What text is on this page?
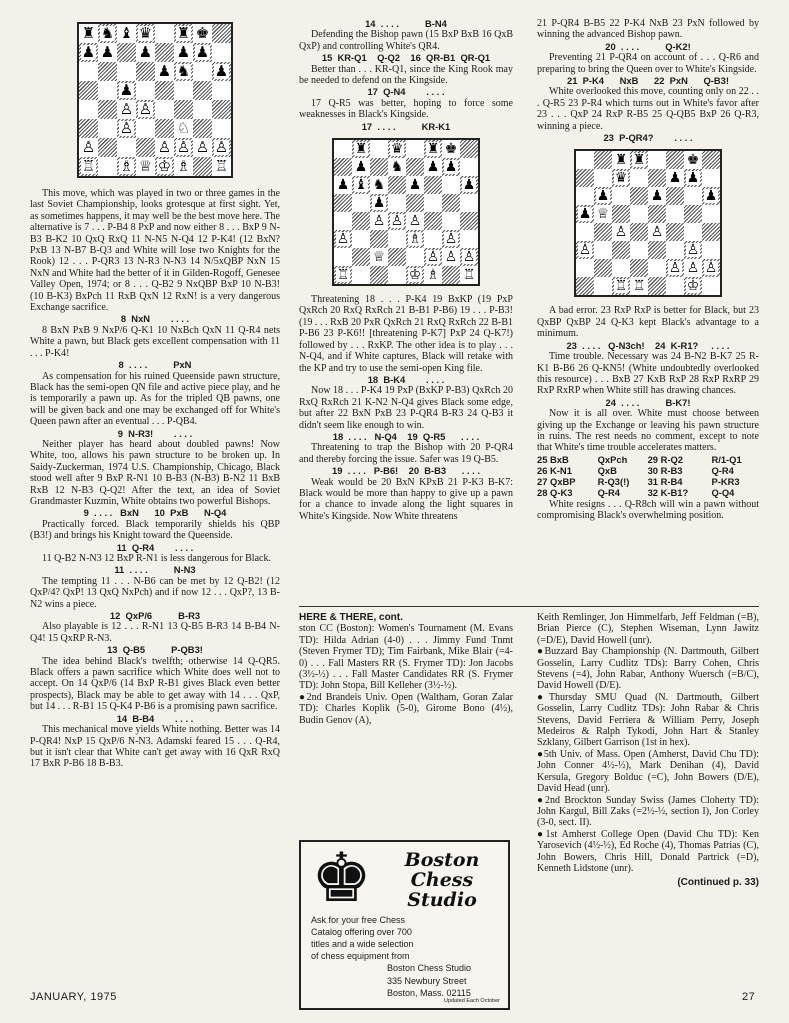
♜ ♞ ♝ ♛ ♜ ♚
♟ ♟ ♟ ♟ ♟
♟ ♞ ♟
♟
♙ ♙
♙	♘
♙	♙ ♙ ♙ ♙
♖ ♗ ♕ ♔ ♗ ♖

This move, which was played in two or three games in the last Soviet Championship, looks grotesque at first sight. Yet, as sometimes happens, it may well be the best move here. The alternative is 7 . . . P-B4 8 PxP and now either 8 . . . BxP 9 N-B3 B-K2 10 QxQ RxQ 11 N-N5 N-Q4 12 P-K4! (12 BxN? PxB 13 N-B7 B-Q3 and White will lose two Knights for the Rook) 12 . . . P-QR3 13 N-R3 N-N3 14 N/5xQBP NxN 15 NxN and White had the better of it in Gilden-Rogoff, Genesee Valley Open, 1974; or 8 . . . Q-B2 9 NxQBP BxP 10 N-B3! (10 B-K3) BxPch 11 RxB QxN 12 RxN! is a very dangerous Exchange sacrifice.

8  NxN        . . . .

8 BxN PxB 9 NxP/6 Q-K1 10 NxBch QxN 11 Q-R4 nets White a pawn, but Black gets excellent compensation with 11 . . . P-K4!

8  . . . .          PxN

As compensation for his ruined Queenside pawn structure, Black has the semi-open QN file and active piece play, and he is temporarily a pawn up. As for the tripled QB pawns, one will be given back and one may be exchanged off for White's Queen pawn after an eventual . . . P-QB4.

9  N-R3!        . . . .

Neither player has heard about doubled pawns! Now White, too, allows his pawn structure to be broken up. In Saidy-Zuckerman, 1974 U.S. Championship, Chicago, Black stood well after 9 BxP R-N1 10 B-B3 (N-B3) B-N2 11 BxB RxB 12 N-B3 Q-Q2! After the text, an idea of Soviet Grandmaster Kuzmin, White obtains two powerful Bishops.

9  . . . .   BxN      10  PxB      N-Q4

Practically forced. Black temporarily shields his QBP (B3!) and brings his Knight toward the Queenside.

11  Q-R4        . . . .

11 Q-B2 N-N3 12 BxP R-N1 is less dangerous for Black.

11  . . . .          N-N3

The tempting 11 . . . N-B6 can be met by 12 Q-B2! (12 QxP/4? QxP! 13 QxQ NxPch) and if now 12 . . . QxP?, 13 B-N2 wins a piece.

12  QxP/6          B-R3

Also playable is 12 . . . R-N1 13 Q-B5 B-R3 14 B-B4 N-Q4! 15 QxRP R-N3.

13  Q-B5          P-QB3!

The idea behind Black's twelfth; otherwise 14 Q-QR5. Black offers a pawn sacrifice which White does well not to accept. On 14 QxP/6 (14 BxP R-B1 gives Black even better prospects), Black may be able to get away with 14 . . . QxP, but 14 . . . R-B1 15 Q-K4 P-B6 is a promising pawn sacrifice.

14  B-B4        . . . .

This mechanical move yields White nothing. Better was 14 P-QR4! NxP 15 QxP/6 N-N3. Adamski feared 15 . . . Q-R4, but it isn't clear that White can't get away with 16 QxR RxQ 17 BxR P-B6 18 B-B3.

14  . . . .          B-N4

Defending the Bishop pawn (15 BxP BxB 16 QxB QxP) and controlling White's QR4.

15  KR-Q1    Q-Q2    16  QR-B1  QR-Q1

Better than . . . KR-Q1, since the King Rook may be needed to defend on the Kingside.

17  Q-N4        . . . .

17 Q-R5 was better, hoping to force some weaknesses in Black's Kingside.

17  . . . .          KR-K1
♜ ♛ ♜ ♚
♟ ♞ ♟ ♟
♟ ♝ ♞ ♟	♟
♟
♙ ♙ ♙
♙	♗ ♙
♕	♙ ♙ ♙
♖	♔ ♗ ♖

Threatening 18 . . . P-K4 19 BxKP (19 PxP QxRch 20 RxQ RxRch 21 B-B1 P-B6) 19 . . . P-B3! (19 . . . RxB 20 PxR QxRch 21 RxQ RxRch 22 B-B1 P-B6 23 P-K6!! [threatening P-K7] PxP 24 Q-K7!) followed by . . . RxKP. The other idea is to play . . . N-Q4, and if White captures, Black will retake with the KP and try to use the semi-open King file.

18  B-K4        . . . .

Now 18 . . . P-K4 19 PxP (BxKP P-B3) QxRch 20 RxQ RxRch 21 K-N2 N-Q4 gives Black some edge, but after 22 BxN PxB 23 P-QR4 B-R3 24 Q-B3 it didn't seem like enough to win.

18  . . . .   N-Q4    19  Q-R5      . . . .

Threatening to trap the Bishop with 20 P-QR4 and thereby forcing the issue. Safer was 19 Q-B5.

19  . . . .   P-B6!    20  B-B3      . . . .

Weak would be 20 BxN KPxB 21 P-K3 B-K7: Black would be more than happy to give up a pawn for a chance to invade along the light squares in White's Kingside. Now White threatens

21 P-QR4 B-B5 22 P-K4 NxB 23 PxN followed by winning the advanced Bishop pawn.

20  . . . .          Q-K2!

Preventing 21 P-QR4 on account of . . . Q-R6 and preparing to bring the Queen over to White's Kingside.

21  P-K4      NxB      22  PxN      Q-B3!

White overlooked this move, counting only on 22 . . . Q-R5 23 P-R4 which turns out in White's favor after 23 . . . QxP 24 RxP R-B5 25 Q-QB5 BxP 26 Q-R3, winning a piece.

23  P-QR4?        . . . .
♜ ♜	♚
♛	♟ ♟
♟	♟	♟
♟ ♕
♙ ♙
♙	♙
♙ ♙ ♙
♖ ♖	♔

A bad error. 23 RxP RxP is better for Black, but 23 QxBP QxBP 24 Q-K3 kept Black's advantage to a minimum.

23  . . . .   Q-N3ch!    24  K-R1?     . . . .

Time trouble. Necessary was 24 B-N2 B-K7 25 R-K1 B-B6 26 Q-KN5! (White undoubtedly overlooked this resource) . . . BxB 27 KxB RxP 28 RxP RxRP 29 RxP RxRP when White still has drawing chances.

24  . . . .          B-K7!

Now it is all over. White must choose between giving up the Exchange or leaving his pawn structure in ruins. The rest needs no comment, except to note that White's time trouble accelerates matters.

25 BxB	QxPch	29 R-Q2	R/1-Q1
26 K-N1	QxB	30 R-B3	Q-R4
27 QxBP	R-Q3(!)	31 R-B4	P-KR3
28 Q-K3	Q-R4	32 K-B1?	Q-Q4

White resigns . . . Q-R8ch will win a pawn without compromising Black's overwhelming position.

HERE & THERE, cont.

ston CC (Boston): Women's Tournament (M. Evans TD): Hilda Adrian (4-0) . . . Jimmy Fund Tnmt (Steven Frymer TD); Tim Fairbank, Mike Blair (=4-0) . . . Fall Masters RR (S. Frymer TD): Jon Jacobs (3½-½) . . . Fall Master Candidates RR (S. Frymer TD): John Stopa, Bill Kelleher (3½-½).

●2nd Brandeis Univ. Open (Waltham, Goran Zalar TD): Charles Koplik (5-0), Girome Bono (4½), Budin Genov (A),

Keith Remlinger, Jon Himmelfarb, Jeff Feldman (=B), Brian Pierce (C), Stephen Wiseman, Lynn Jawitz (=D/E), David Howell (unr).

●Buzzard Bay Championship (N. Dartmouth, Gilbert Gosselin, Larry Cudlitz TDs): Barry Cohen, Chris Stevens (=4), John Rabar, Anthony Wuersch (=B/C), David Howell (D/E).

●Thursday SMU Quad (N. Dartmouth, Gilbert Gosselin, Larry Cudlitz TDs): John Rabar & Chris Stevens, David Ferriera & William Perry, Joseph Medeiros & Ralph Tykodi, John Hart & Stanley Szklany, Gilbert Garrison (1st in hex).

●5th Univ. of Mass. Open (Amherst, David Chu TD): John Conner 4½-½), Mark Denihan (4), David Kersula, Gregory Bolduc (=C), John Bowers (D/E), David Head (unr).

●2nd Brockton Sunday Swiss (James Cloherty TD): John Kargul, Bill Zaks (=2½-½, section I), Jon Corley (3-0, sect. II).

●1st Amherst College Open (David Chu TD): Ken Yarosevich (4½-½), Ed Roche (4), Thomas Patrias (C), John Bowers, Chris Hill, Donald Partrick (=D), Kenneth Lidstone (unr).

(Continued p. 33)
♚	Boston Chess Studio
Ask for your free Chess Catalog offering over 700 titles and a wide selection of chess equipment from
Boston Chess Studio
335 Newbury Street
Boston, Mass. 02115
Updated Each October
JANUARY, 1975	27
